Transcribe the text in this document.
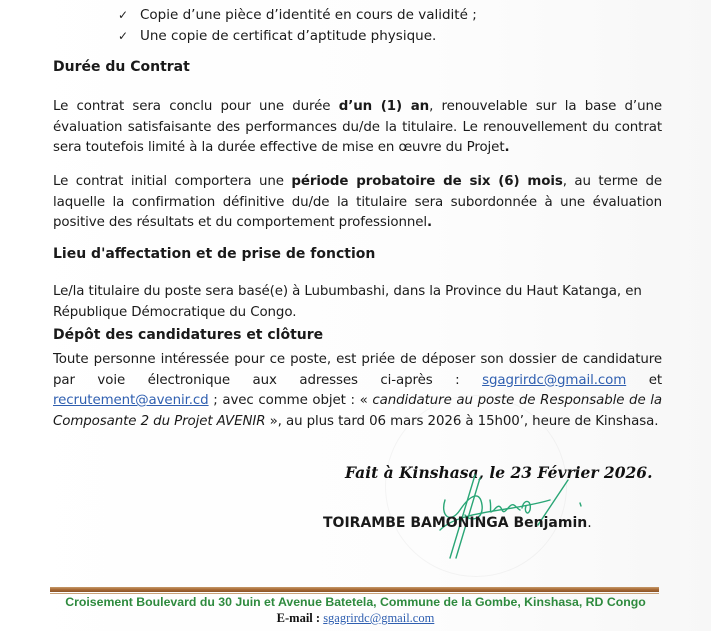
✓ Copie d’une pièce d’identité en cours de validité ;
✓ Une copie de certificat d’aptitude physique.
Durée du Contrat

Le contrat sera conclu pour une durée d’un (1) an, renouvelable sur la base d’une évaluation satisfaisante des performances du/de la titulaire. Le renouvellement du contrat sera toutefois limité à la durée effective de mise en œuvre du Projet.

Le contrat initial comportera une période probatoire de six (6) mois, au terme de laquelle la confirmation définitive du/de la titulaire sera subordonnée à une évaluation positive des résultats et du comportement professionnel.

Lieu d'affectation et de prise de fonction

Le/la titulaire du poste sera basé(e) à Lubumbashi, dans la Province du Haut Katanga, en République Démocratique du Congo.

Dépôt des candidatures et clôture

Toute personne intéressée pour ce poste, est priée de déposer son dossier de candidature

par voie électronique aux adresses ci-après : sgagrirdc@gmail.com et

recrutement@avenir.cd ; avec comme objet : « candidature au poste de Responsable de la Composante 2 du Projet AVENIR », au plus tard 06 mars 2026 à 15h00’, heure de Kinshasa.

Fait à Kinshasa, le 23 Février 2026.
TOIRAMBE BAMONINGA Benjamin.
Croisement Boulevard du 30 Juin et Avenue Batetela, Commune de la Gombe, Kinshasa, RD Congo
E-mail : sgagrirdc@gmail.com
